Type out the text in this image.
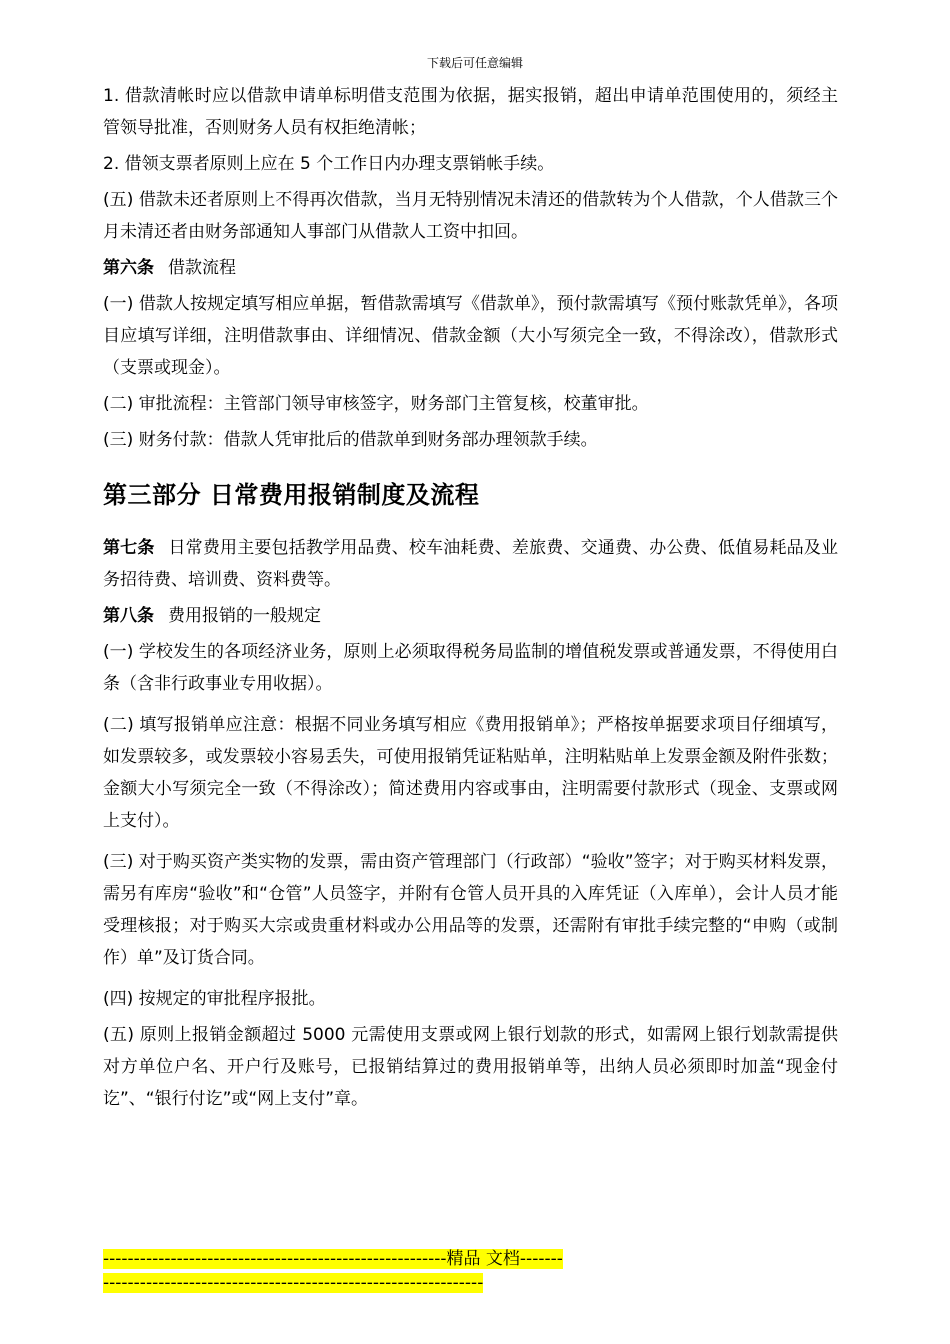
下载后可任意编辑

1. 借款清帐时应以借款申请单标明借支范围为依据，据实报销，超出申请单范围使用的，须经主管领导批准，否则财务人员有权拒绝清帐；

2. 借领支票者原则上应在 5 个工作日内办理支票销帐手续。

(五) 借款未还者原则上不得再次借款，当月无特别情况未清还的借款转为个人借款，个人借款三个月未清还者由财务部通知人事部门从借款人工资中扣回。

第六条 借款流程

(一) 借款人按规定填写相应单据，暂借款需填写《借款单》，预付款需填写《预付账款凭单》，各项目应填写详细，注明借款事由、详细情况、借款金额（大小写须完全一致，不得涂改），借款形式（支票或现金）。

(二) 审批流程：主管部门领导审核签字，财务部门主管复核，校董审批。

(三) 财务付款：借款人凭审批后的借款单到财务部办理领款手续。

第三部分 日常费用报销制度及流程

第七条 日常费用主要包括教学用品费、校车油耗费、差旅费、交通费、办公费、低值易耗品及业务招待费、培训费、资料费等。

第八条 费用报销的一般规定

(一) 学校发生的各项经济业务，原则上必须取得税务局监制的增值税发票或普通发票，不得使用白条（含非行政事业专用收据）。

(二) 填写报销单应注意：根据不同业务填写相应《费用报销单》；严格按单据要求项目仔细填写，如发票较多，或发票较小容易丢失，可使用报销凭证粘贴单，注明粘贴单上发票金额及附件张数；金额大小写须完全一致（不得涂改）；简述费用内容或事由，注明需要付款形式（现金、支票或网上支付）。

(三) 对于购买资产类实物的发票，需由资产管理部门（行政部）“验收”签字；对于购买材料发票，需另有库房“验收”和“仓管”人员签字，并附有仓管人员开具的入库凭证（入库单），会计人员才能受理核报；对于购买大宗或贵重材料或办公用品等的发票，还需附有审批手续完整的“申购（或制作）单”及订货合同。

(四) 按规定的审批程序报批。

(五) 原则上报销金额超过 5000 元需使用支票或网上银行划款的形式，如需网上银行划款需提供对方单位户名、开户行及账号，已报销结算过的费用报销单等，出纳人员必须即时加盖“现金付讫”、“银行付讫”或“网上支付”章。

--------------------------------------------------------精品 文档---------------------------------------------------------------------
